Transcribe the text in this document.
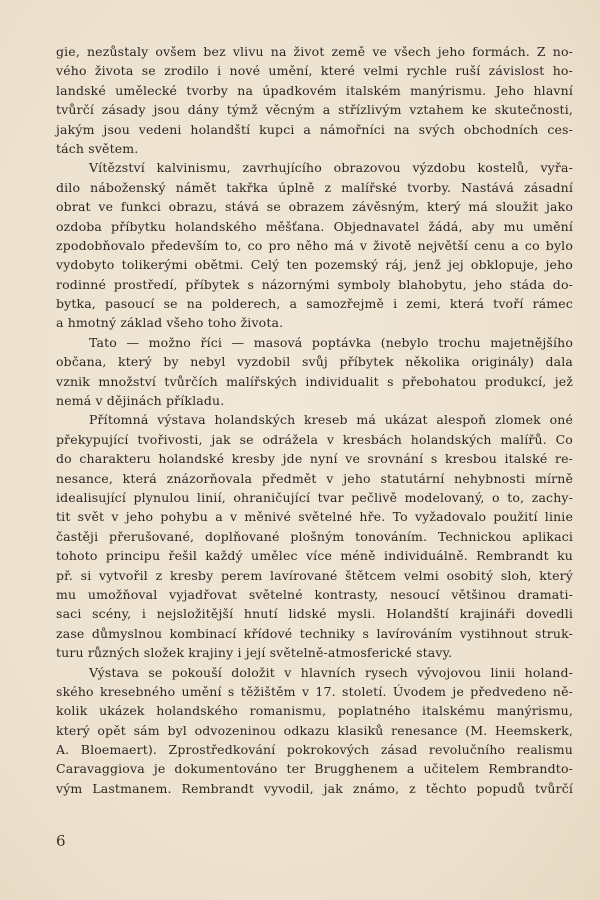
gie, nezůstaly ovšem bez vlivu na život země ve všech jeho formách. Z no-
vého života se zrodilo i nové umění, které velmi rychle ruší závislost ho-
landské umělecké tvorby na úpadkovém italském manýrismu. Jeho hlavní
tvůrčí zásady jsou dány týmž věcným a střízlivým vztahem ke skutečnosti,
jakým jsou vedeni holandští kupci a námořníci na svých obchodních ces-
tách světem.
Vítězství kalvinismu, zavrhujícího obrazovou výzdobu kostelů, vyřa-
dilo náboženský námět takřka úplně z malířské tvorby. Nastává zásadní
obrat ve funkci obrazu, stává se obrazem závěsným, který má sloužit jako
ozdoba příbytku holandského měšťana. Objednavatel žádá, aby mu umění
zpodobňovalo především to, co pro něho má v životě největší cenu a co bylo
vydobyto tolikerými obětmi. Celý ten pozemský ráj, jenž jej obklopuje, jeho
rodinné prostředí, příbytek s názornými symboly blahobytu, jeho stáda do-
bytka, pasoucí se na polderech, a samozřejmě i zemi, která tvoří rámec
a hmotný základ všeho toho života.
Tato — možno říci — masová poptávka (nebylo trochu majetnějšího
občana, který by nebyl vyzdobil svůj příbytek několika originály) dala
vznik množství tvůrčích malířských individualit s přebohatou produkcí, jež
nemá v dějinách příkladu.
Přítomná výstava holandských kreseb má ukázat alespoň zlomek oné
překypující tvořivosti, jak se odrážela v kresbách holandských malířů. Co
do charakteru holandské kresby jde nyní ve srovnání s kresbou italské re-
nesance, která znázorňovala předmět v jeho statutární nehybnosti mírně
idealisující plynulou linií, ohraničující tvar pečlivě modelovaný, o to, zachy-
tit svět v jeho pohybu a v měnivé světelné hře. To vyžadovalo použití linie
častěji přerušované, doplňované plošným tonováním. Technickou aplikaci
tohoto principu řešil každý umělec více méně individuálně. Rembrandt ku
př. si vytvořil z kresby perem lavírované štětcem velmi osobitý sloh, který
mu umožňoval vyjadřovat světelné kontrasty, nesoucí většinou dramati-
saci scény, i nejsložitější hnutí lidské mysli. Holandští krajináři dovedli
zase důmyslnou kombinací křídové techniky s lavírováním vystihnout struk-
turu různých složek krajiny i její světelně-atmosferické stavy.
Výstava se pokouší doložit v hlavních rysech vývojovou linii holand-
ského kresebného umění s těžištěm v 17. století. Úvodem je předvedeno ně-
kolik ukázek holandského romanismu, poplatného italskému manýrismu,
který opět sám byl odvozeninou odkazu klasiků renesance (M. Heemskerk,
A. Bloemaert). Zprostředkování pokrokových zásad revolučního realismu
Caravaggiova je dokumentováno ter Brugghenem a učitelem Rembrandto-
vým Lastmanem. Rembrandt vyvodil, jak známo, z těchto popudů tvůrčí
6
